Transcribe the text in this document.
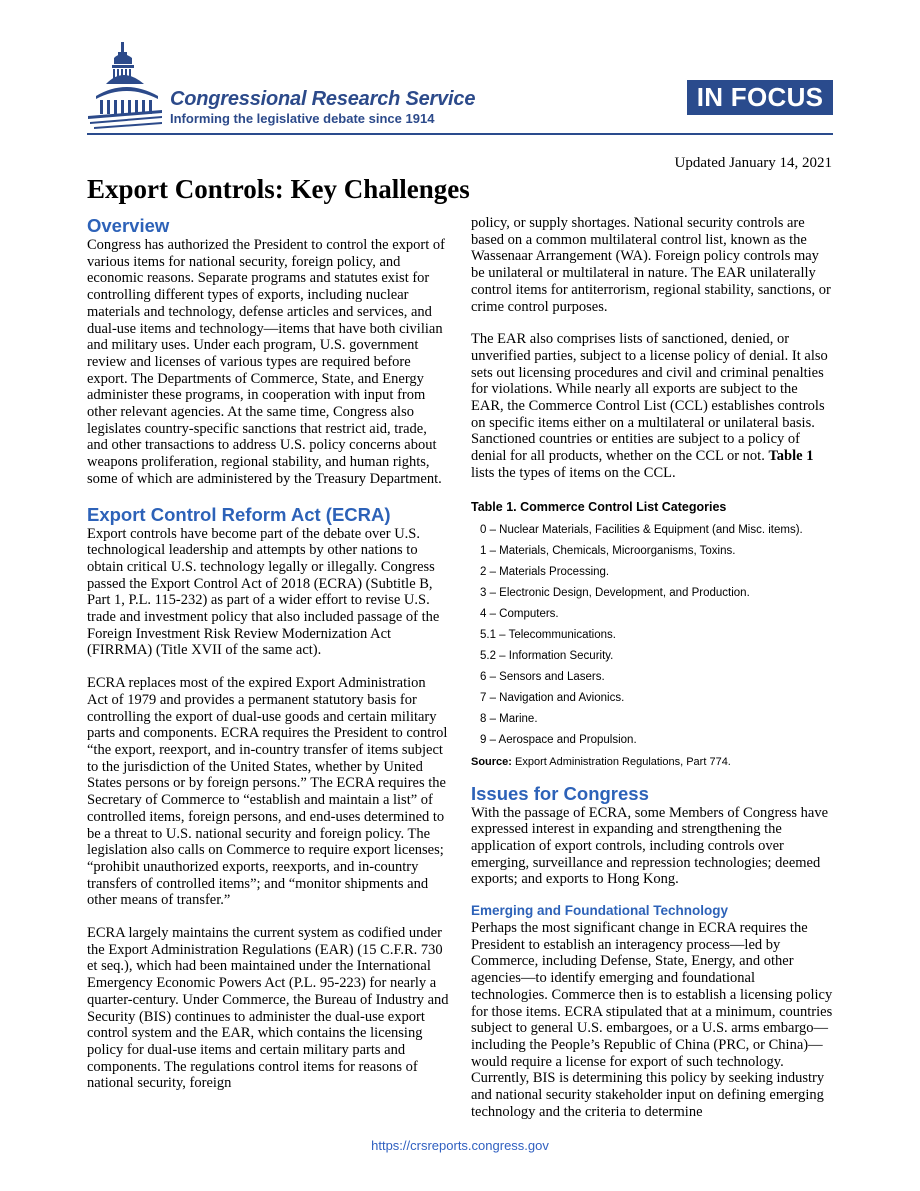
Congressional Research Service
Informing the legislative debate since 1914
IN FOCUS
Updated January 14, 2021
Export Controls: Key Challenges
Overview

Congress has authorized the President to control the export of various items for national security, foreign policy, and economic reasons. Separate programs and statutes exist for controlling different types of exports, including nuclear materials and technology, defense articles and services, and dual-use items and technology—items that have both civilian and military uses. Under each program, U.S. government review and licenses of various types are required before export. The Departments of Commerce, State, and Energy administer these programs, in cooperation with input from other relevant agencies. At the same time, Congress also legislates country-specific sanctions that restrict aid, trade, and other transactions to address U.S. policy concerns about weapons proliferation, regional stability, and human rights, some of which are administered by the Treasury Department.

Export Control Reform Act (ECRA)

Export controls have become part of the debate over U.S. technological leadership and attempts by other nations to obtain critical U.S. technology legally or illegally. Congress passed the Export Control Act of 2018 (ECRA) (Subtitle B, Part 1, P.L. 115-232) as part of a wider effort to revise U.S. trade and investment policy that also included passage of the Foreign Investment Risk Review Modernization Act (FIRRMA) (Title XVII of the same act).

ECRA replaces most of the expired Export Administration Act of 1979 and provides a permanent statutory basis for controlling the export of dual-use goods and certain military parts and components. ECRA requires the President to control “the export, reexport, and in-country transfer of items subject to the jurisdiction of the United States, whether by United States persons or by foreign persons.” The ECRA requires the Secretary of Commerce to “establish and maintain a list” of controlled items, foreign persons, and end-uses determined to be a threat to U.S. national security and foreign policy. The legislation also calls on Commerce to require export licenses; “prohibit unauthorized exports, reexports, and in-country transfers of controlled items”; and “monitor shipments and other means of transfer.”

ECRA largely maintains the current system as codified under the Export Administration Regulations (EAR) (15 C.F.R. 730 et seq.), which had been maintained under the International Emergency Economic Powers Act (P.L. 95-223) for nearly a quarter-century. Under Commerce, the Bureau of Industry and Security (BIS) continues to administer the dual-use export control system and the EAR, which contains the licensing policy for dual-use items and certain military parts and components. The regulations control items for reasons of national security, foreign

policy, or supply shortages. National security controls are based on a common multilateral control list, known as the Wassenaar Arrangement (WA). Foreign policy controls may be unilateral or multilateral in nature. The EAR unilaterally control items for antiterrorism, regional stability, sanctions, or crime control purposes.

The EAR also comprises lists of sanctioned, denied, or unverified parties, subject to a license policy of denial. It also sets out licensing procedures and civil and criminal penalties for violations. While nearly all exports are subject to the EAR, the Commerce Control List (CCL) establishes controls on specific items either on a multilateral or unilateral basis. Sanctioned countries or entities are subject to a policy of denial for all products, whether on the CCL or not. Table 1 lists the types of items on the CCL.

Table 1. Commerce Control List Categories
0 – Nuclear Materials, Facilities & Equipment (and Misc. items).
1 – Materials, Chemicals, Microorganisms, Toxins.
2 – Materials Processing.
3 – Electronic Design, Development, and Production.
4 – Computers.
5.1 – Telecommunications.
5.2 – Information Security.
6 – Sensors and Lasers.
7 – Navigation and Avionics.
8 – Marine.
9 – Aerospace and Propulsion.
Source: Export Administration Regulations, Part 774.
Issues for Congress

With the passage of ECRA, some Members of Congress have expressed interest in expanding and strengthening the application of export controls, including controls over emerging, surveillance and repression technologies; deemed exports; and exports to Hong Kong.

Emerging and Foundational Technology

Perhaps the most significant change in ECRA requires the President to establish an interagency process—led by Commerce, including Defense, State, Energy, and other agencies—to identify emerging and foundational technologies. Commerce then is to establish a licensing policy for those items. ECRA stipulated that at a minimum, countries subject to general U.S. embargoes, or a U.S. arms embargo—including the People’s Republic of China (PRC, or China)—would require a license for export of such technology. Currently, BIS is determining this policy by seeking industry and national security stakeholder input on defining emerging technology and the criteria to determine

https://crsreports.congress.gov
